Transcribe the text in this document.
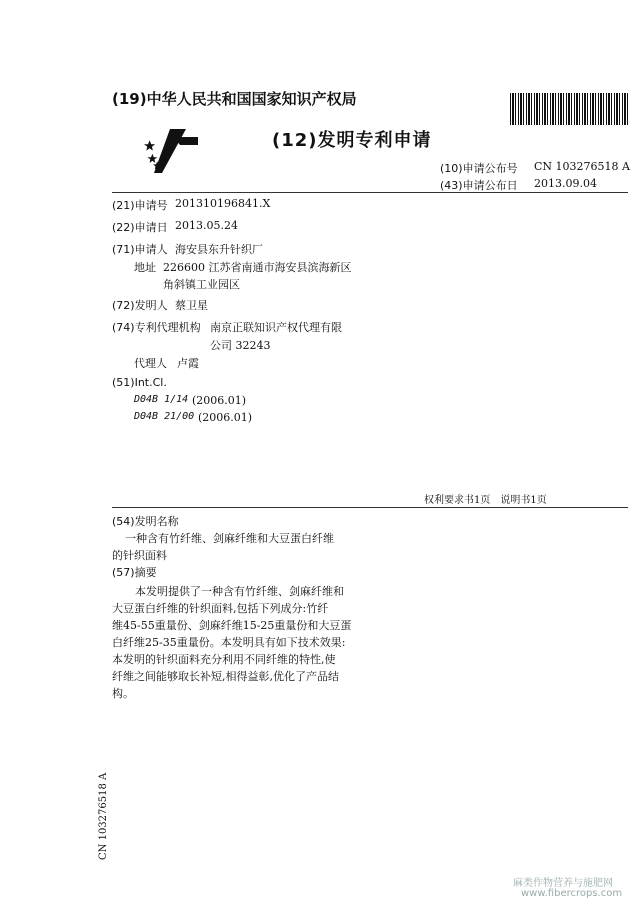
(19)中华人民共和国国家知识产权局
(12)发明专利申请
(10)申请公布号 CN 103276518 A
(43)申请公布日 2013.09.04
(21)申请号 201310196841.X
(22)申请日 2013.05.24
(71)申请人 海安县东升针织厂
地址 226600 江苏省南通市海安县滨海新区
角斜镇工业园区
(72)发明人 蔡卫星
(74)专利代理机构 南京正联知识产权代理有限
公司 32243
代理人 卢霞
(51)Int.Cl.
D04B 1/14 (2006.01)
D04B 21/00 (2006.01)
权利要求书1页　说明书1页
(54)发明名称
一种含有竹纤维、剑麻纤维和大豆蛋白纤维
的针织面料
(57)摘要
本发明提供了一种含有竹纤维、剑麻纤维和
大豆蛋白纤维的针织面料,包括下列成分:竹纤
维45-55重量份、剑麻纤维15-25重量份和大豆蛋
白纤维25-35重量份。本发明具有如下技术效果:
本发明的针织面料充分利用不同纤维的特性,使
纤维之间能够取长补短,相得益彰,优化了产品结
构。
CN 103276518 A
麻类作物营养与施肥网
www.fibercrops.com
